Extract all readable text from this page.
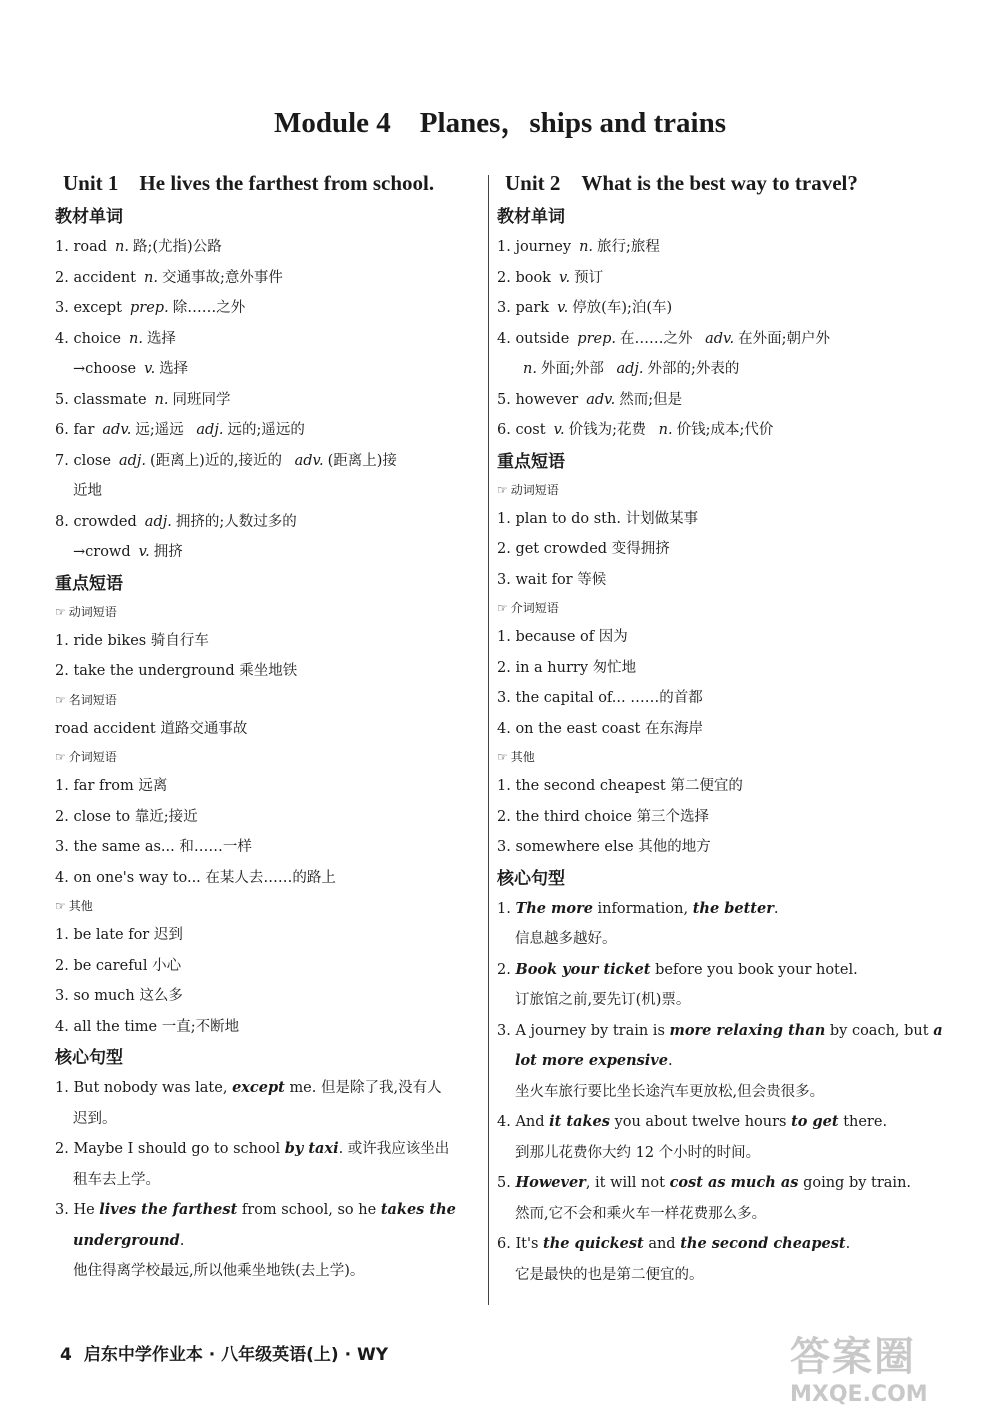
Module 4　Planes，ships and trains
Unit 1　He lives the farthest from school.
教材单词
1. road n. 路;(尤指)公路
2. accident n. 交通事故;意外事件
3. except prep. 除……之外
4. choice n. 选择
→choose v. 选择
5. classmate n. 同班同学
6. far adv. 远;遥远 adj. 远的;遥远的
7. close adj. (距离上)近的,接近的 adv. (距离上)接
近地
8. crowded adj. 拥挤的;人数过多的
→crowd v. 拥挤
重点短语
☞ 动词短语
1. ride bikes 骑自行车
2. take the underground 乘坐地铁
☞ 名词短语
road accident 道路交通事故
☞ 介词短语
1. far from 远离
2. close to 靠近;接近
3. the same as... 和……一样
4. on one's way to... 在某人去……的路上
☞ 其他
1. be late for 迟到
2. be careful 小心
3. so much 这么多
4. all the time 一直;不断地
核心句型
1. But nobody was late, except me. 但是除了我,没有人
迟到。
2. Maybe I should go to school by taxi. 或许我应该坐出
租车去上学。
3. He lives the farthest from school, so he takes the
underground.
他住得离学校最远,所以他乘坐地铁(去上学)。
Unit 2　What is the best way to travel?
教材单词
1. journey n. 旅行;旅程
2. book v. 预订
3. park v. 停放(车);泊(车)
4. outside prep. 在……之外 adv. 在外面;朝户外
n. 外面;外部 adj. 外部的;外表的
5. however adv. 然而;但是
6. cost v. 价钱为;花费 n. 价钱;成本;代价
重点短语
☞ 动词短语
1. plan to do sth. 计划做某事
2. get crowded 变得拥挤
3. wait for 等候
☞ 介词短语
1. because of 因为
2. in a hurry 匆忙地
3. the capital of... ……的首都
4. on the east coast 在东海岸
☞ 其他
1. the second cheapest 第二便宜的
2. the third choice 第三个选择
3. somewhere else 其他的地方
核心句型
1. The more information, the better.
信息越多越好。
2. Book your ticket before you book your hotel.
订旅馆之前,要先订(机)票。
3. A journey by train is more relaxing than by coach, but a
lot more expensive.
坐火车旅行要比坐长途汽车更放松,但会贵很多。
4. And it takes you about twelve hours to get there.
到那儿花费你大约 12 个小时的时间。
5. However, it will not cost as much as going by train.
然而,它不会和乘火车一样花费那么多。
6. It's the quickest and the second cheapest.
它是最快的也是第二便宜的。
4 启东中学作业本 · 八年级英语(上) · WY	答案圈
MXQE.COM
